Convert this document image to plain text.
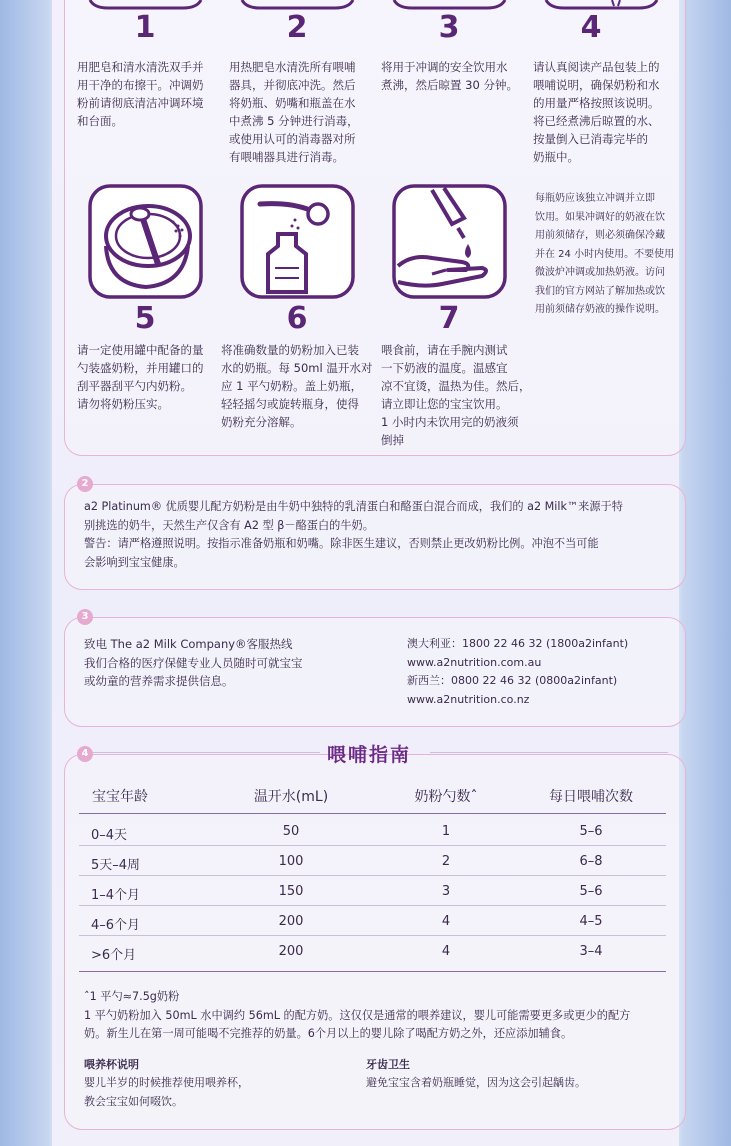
1	2	3	4
用肥皂和清水清洗双手并
用干净的布擦干。冲调奶
粉前请彻底清洁冲调环境
和台面。
用热肥皂水清洗所有喂哺
器具，并彻底冲洗。然后
将奶瓶、奶嘴和瓶盖在水
中煮沸 5 分钟进行消毒，
或使用认可的消毒器对所
有喂哺器具进行消毒。
将用于冲调的安全饮用水
煮沸，然后晾置 30 分钟。
请认真阅读产品包装上的
喂哺说明，确保奶粉和水
的用量严格按照该说明。
将已经煮沸后晾置的水、
按量倒入已消毒完毕的
奶瓶中。
5	6	7
每瓶奶应该独立冲调并立即
饮用。如果冲调好的奶液在饮
用前须储存，则必须确保冷藏
并在 24 小时内使用。不要使用
微波炉冲调或加热奶液。访问
我们的官方网站了解加热或饮
用前须储存奶液的操作说明。
请一定使用罐中配备的量
勺装盛奶粉，并用罐口的
刮平器刮平勺内奶粉。
请勿将奶粉压实。
将准确数量的奶粉加入已装
水的奶瓶。每 50ml 温开水对
应 1 平勺奶粉。盖上奶瓶，
轻轻摇匀或旋转瓶身，使得
奶粉充分溶解。
喂食前，请在手腕内测试
一下奶液的温度。温感宜
凉不宜烫，温热为佳。然后，
请立即让您的宝宝饮用。
1 小时内未饮用完的奶液须
倒掉
2
a2 Platinum® 优质婴儿配方奶粉是由牛奶中独特的乳清蛋白和酪蛋白混合而成，我们的 a2 Milk™来源于特
别挑选的奶牛，天然生产仅含有 A2 型 β－酪蛋白的牛奶。
警告：请严格遵照说明。按指示准备奶瓶和奶嘴。除非医生建议，否则禁止更改奶粉比例。冲泡不当可能
会影响到宝宝健康。
3
致电 The a2 Milk Company®客服热线
我们合格的医疗保健专业人员随时可就宝宝
或幼童的营养需求提供信息。
澳大利亚：1800 22 46 32 (1800a2infant)
www.a2nutrition.com.au
新西兰：0800 22 46 32 (0800a2infant)
www.a2nutrition.co.nz
4	喂哺指南
宝宝年龄	温开水(mL)	奶粉勺数ˆ	每日喂哺次数
0–4天	50	1	5–6
5天–4周	100	2	6–8
1–4个月	150	3	5–6
4–6个月	200	4	4–5
>6个月	200	4	3–4
ˆ1 平勺≈7.5g奶粉
1 平勺奶粉加入 50mL 水中调约 56mL 的配方奶。这仅仅是通常的喂养建议，婴儿可能需要更多或更少的配方
奶。新生儿在第一周可能喝不完推荐的奶量。6个月以上的婴儿除了喝配方奶之外，还应添加辅食。
喂养杯说明
婴儿半岁的时候推荐使用喂养杯，
教会宝宝如何啜饮。
牙齿卫生
避免宝宝含着奶瓶睡觉，因为这会引起龋齿。
